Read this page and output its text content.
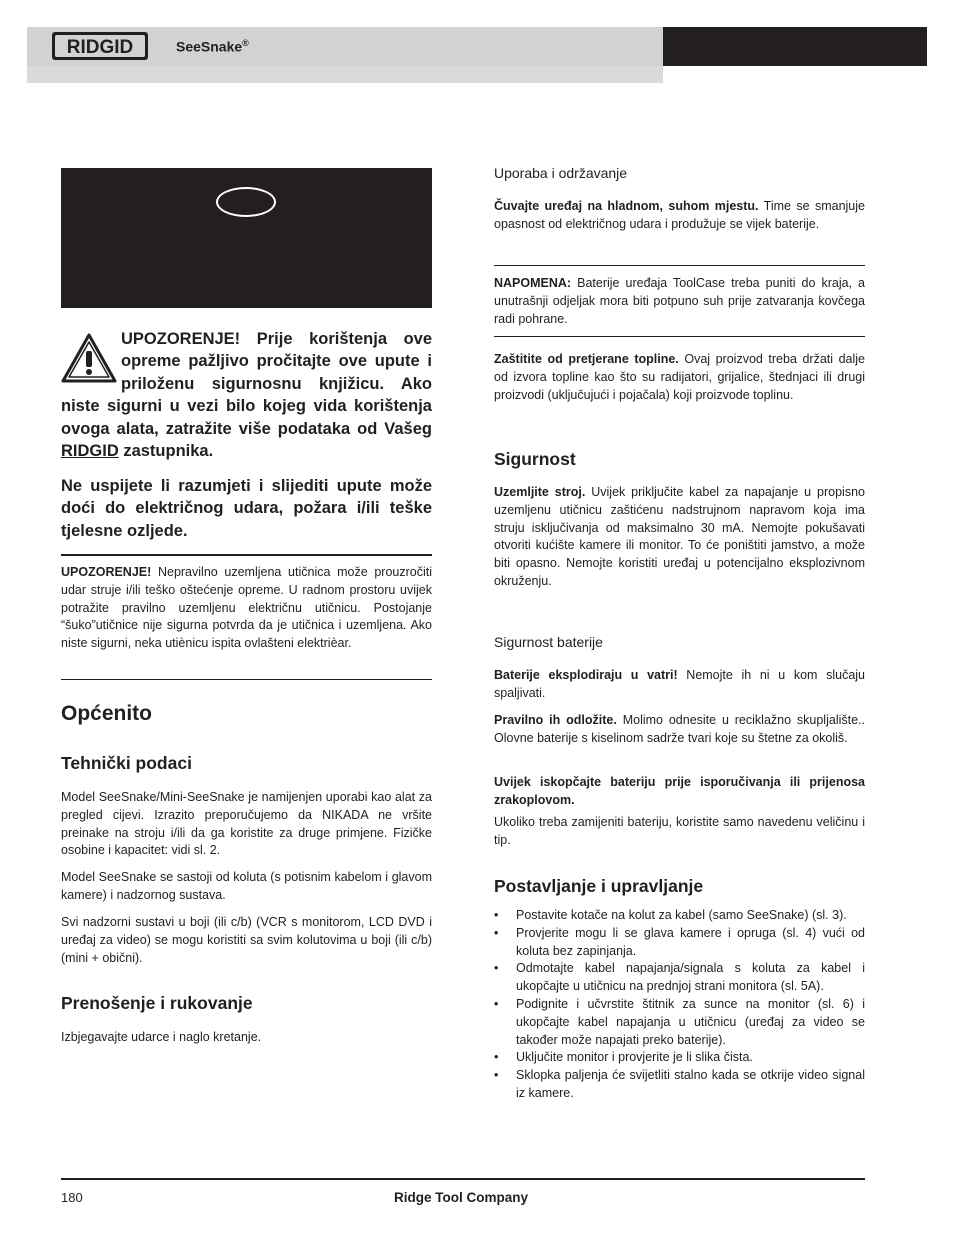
RIDGID	SeeSnake®
UPOZORENJE! Prije korištenja ove opreme pažljivo pročitajte ove upute i priloženu sigurnosnu knjižicu. Ako niste sigurni u vezi bilo kojeg vida korištenja ovoga alata, zatražite više podataka od Vašeg RIDGID zastupnika.
Ne uspijete li razumjeti i slijediti upute može doći do električnog udara, požara i/ili teške tjelesne ozljede.

UPOZORENJE! Nepravilno uzemljena utičnica može prouzročiti udar struje i/ili teško oštećenje opreme. U radnom prostoru uvijek potražite pravilno uzemljenu električnu utičnicu. Postojanje “šuko”utičnice nije sigurna potvrda da je utičnica i uzemljena. Ako niste sigurni, neka utiènicu ispita ovlašteni elektrièar.

Općenito
Tehnički podaci

Model SeeSnake/Mini-SeeSnake je namijenjen uporabi kao alat za pregled cijevi. Izrazito preporučujemo da NIKADA ne vršite preinake na stroju i/ili da ga koristite za druge primjene. Fizičke osobine i kapacitet: vidi sl. 2.

Model SeeSnake se sastoji od koluta (s potisnim kabelom i glavom kamere) i nadzornog sustava.

Svi nadzorni sustavi u boji (ili c/b) (VCR s monitorom, LCD DVD i uređaj za video) se mogu koristiti sa svim kolutovima u boji (ili c/b) (mini + obični).

Prenošenje i rukovanje

Izbjegavajte udarce i naglo kretanje.

Uporaba i održavanje

Čuvajte uređaj na hladnom, suhom mjestu. Time se smanjuje opasnost od električnog udara i produžuje se vijek baterije.

NAPOMENA: Baterije uređaja ToolCase treba puniti do kraja, a unutrašnji odjeljak mora biti potpuno suh prije zatvaranja kovčega radi pohrane.

Zaštitite od pretjerane topline. Ovaj proizvod treba držati dalje od izvora topline kao što su radijatori, grijalice, štednjaci ili drugi proizvodi (uključujući i pojačala) koji proizvode toplinu.

Sigurnost

Uzemljite stroj. Uvijek priključite kabel za napajanje u propisno uzemljenu utičnicu zaštićenu nadstrujnom napravom koja ima struju isključivanja od maksimalno 30 mA. Nemojte pokušavati otvoriti kućište kamere ili monitor. To će poništiti jamstvo, a može biti opasno. Nemojte koristiti uređaj u potencijalno eksplozivnom okruženju.

Sigurnost baterije

Baterije eksplodiraju u vatri! Nemojte ih ni u kom slučaju spaljivati.

Pravilno ih odložite. Molimo odnesite u reciklažno skupljalište.. Olovne baterije s kiselinom sadrže tvari koje su štetne za okoliš.

Uvijek iskopčajte bateriju prije isporučivanja ili prijenosa zrakoplovom.

Ukoliko treba zamijeniti bateriju, koristite samo navedenu veličinu i tip.

Postavljanje i upravljanje
• Postavite kotače na kolut za kabel (samo SeeSnake) (sl. 3).
• Provjerite mogu li se glava kamere i opruga (sl. 4) vući od koluta bez zapinjanja.
• Odmotajte kabel napajanja/signala s koluta za kabel i ukopčajte u utičnicu na prednjoj strani monitora (sl. 5A).
• Podignite i učvrstite štitnik za sunce na monitor (sl. 6) i ukopčajte kabel napajanja u utičnicu (uređaj za video se također može napajati preko baterije).
• Uključite monitor i provjerite je li slika čista.
• Sklopka paljenja će svijetliti stalno kada se otkrije video signal iz kamere.
180	Ridge Tool Company
